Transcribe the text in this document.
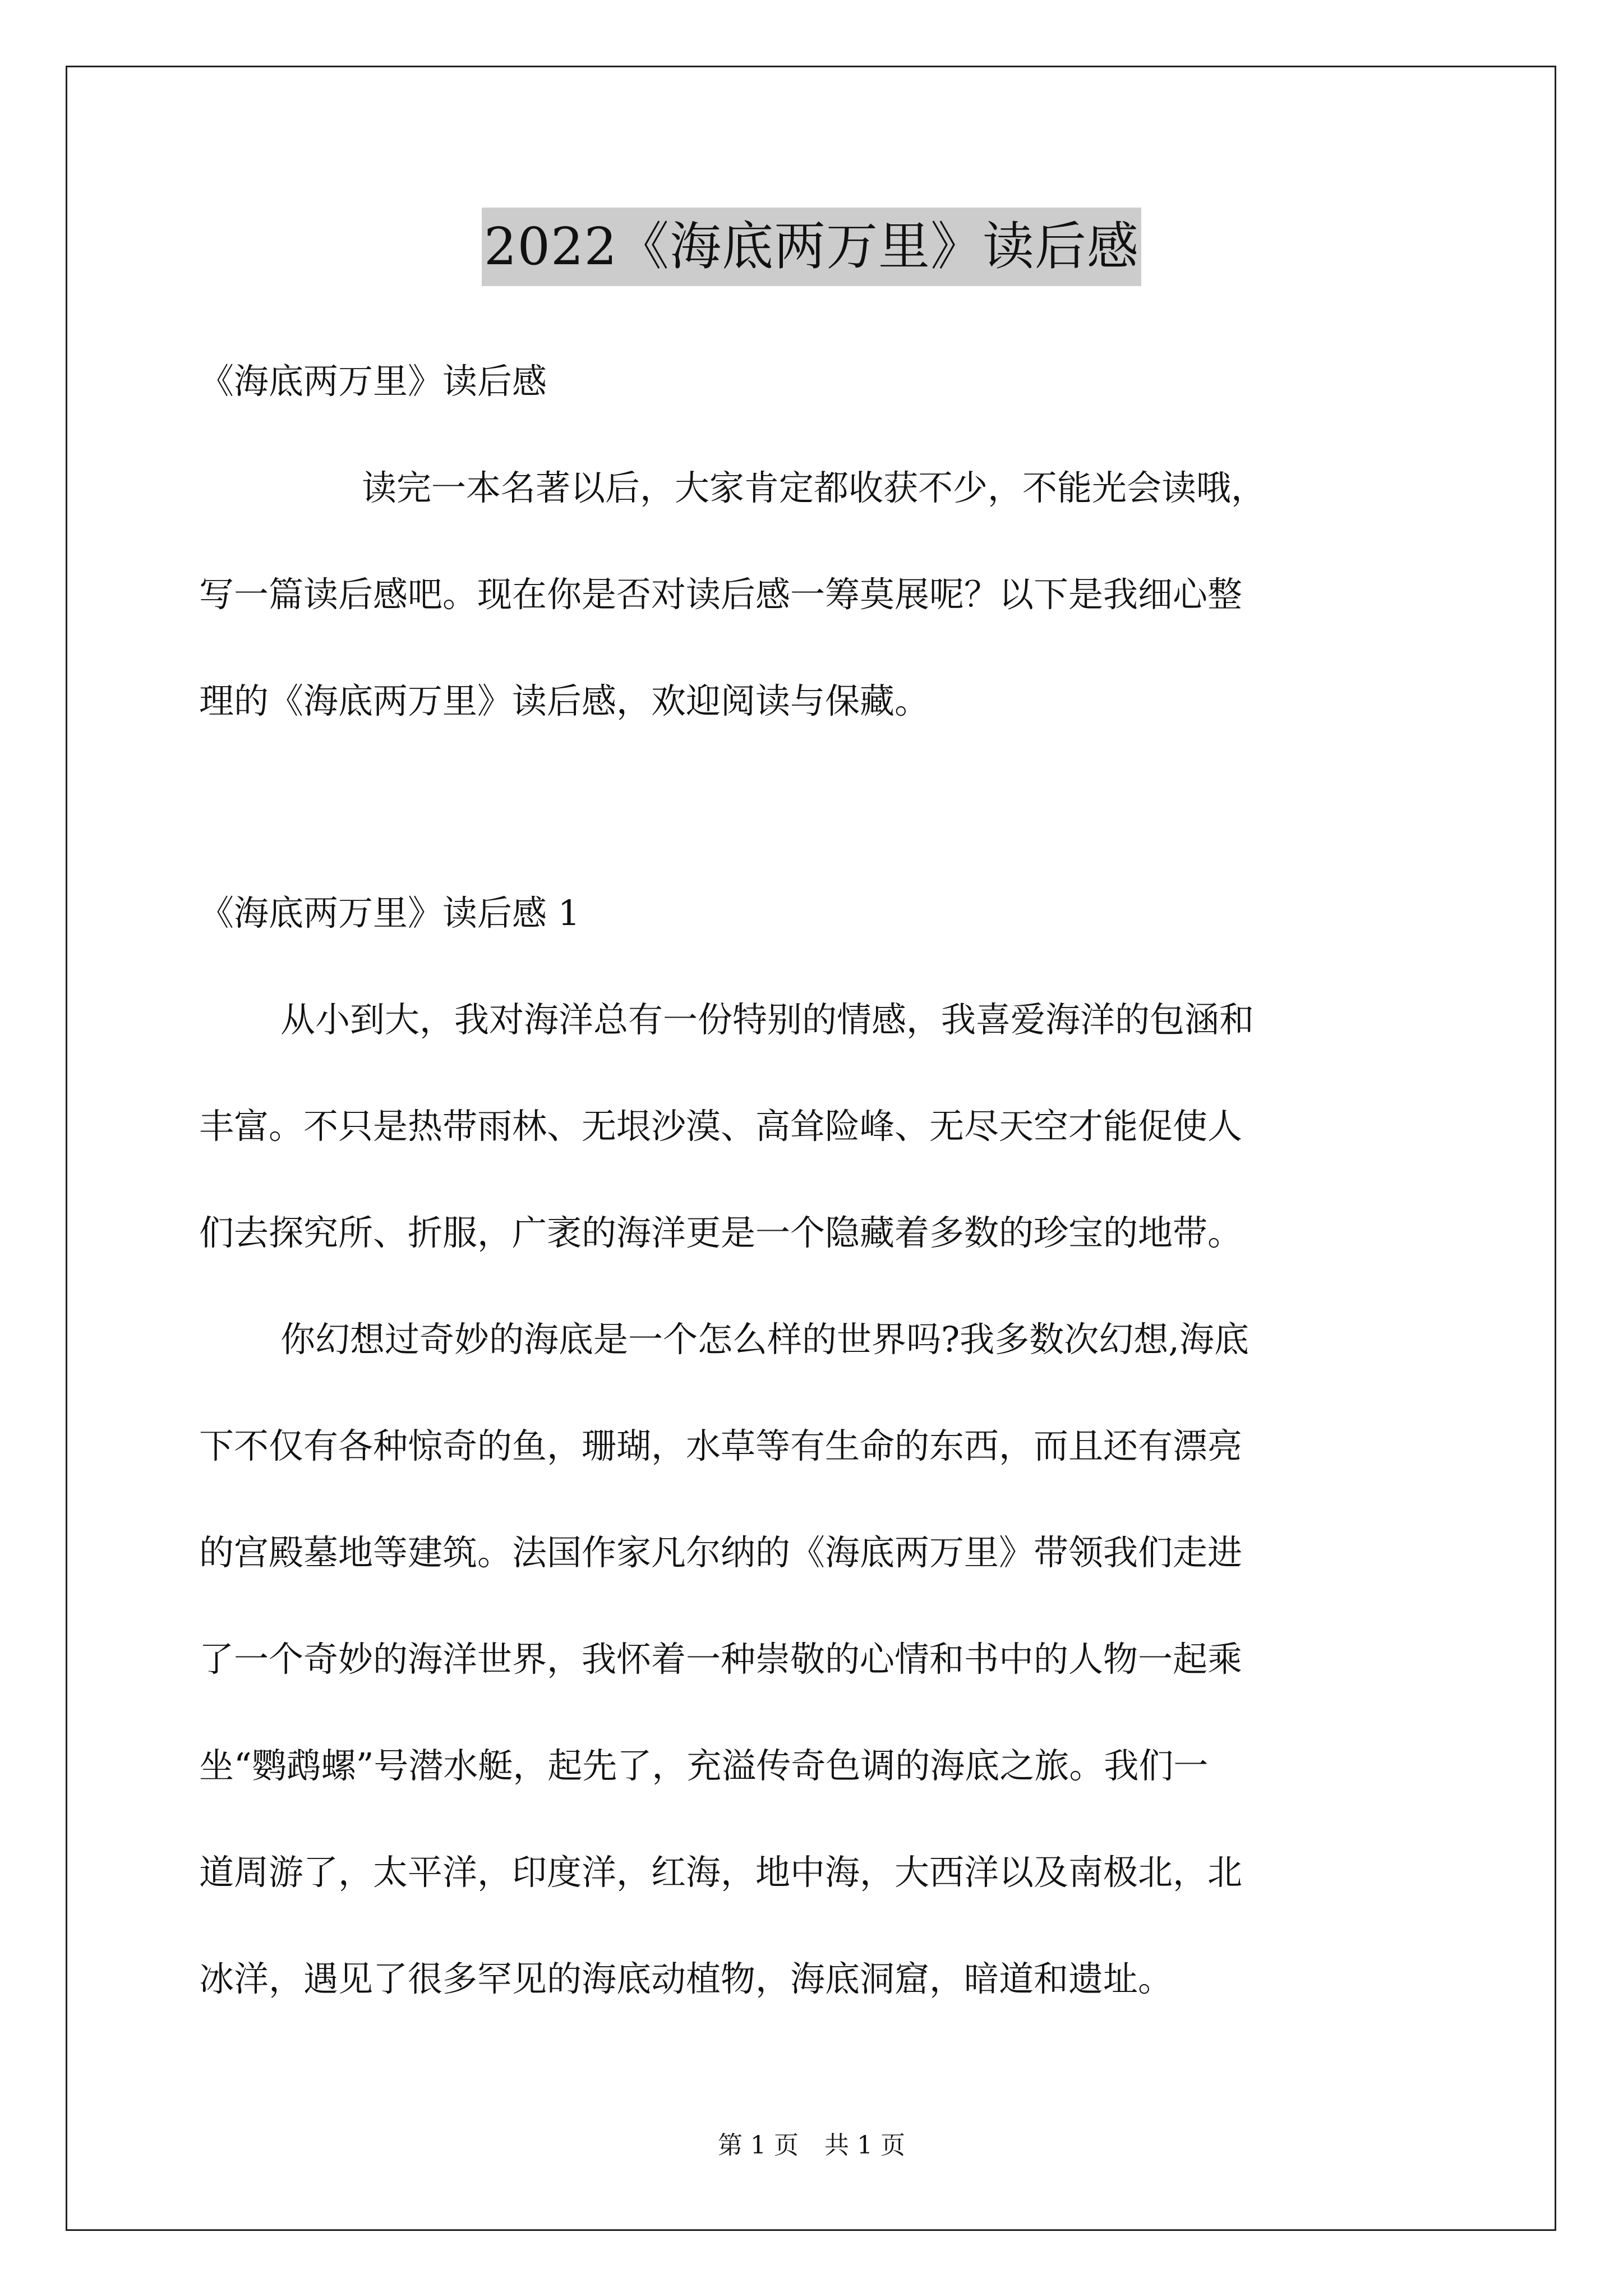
2022《海底两万里》读后感
《海底两万里》读后感
读完一本名著以后，大家肯定都收获不少，不能光会读哦，
写一篇读后感吧。现在你是否对读后感一筹莫展呢？以下是我细心整
理的《海底两万里》读后感，欢迎阅读与保藏。
《海底两万里》读后感 1
从小到大，我对海洋总有一份特别的情感，我喜爱海洋的包涵和
丰富。不只是热带雨林、无垠沙漠、高耸险峰、无尽天空才能促使人
们去探究所、折服，广袤的海洋更是一个隐藏着多数的珍宝的地带。
你幻想过奇妙的海底是一个怎么样的世界吗?我多数次幻想,海底
下不仅有各种惊奇的鱼，珊瑚，水草等有生命的东西，而且还有漂亮
的宫殿墓地等建筑。法国作家凡尔纳的《海底两万里》带领我们走进
了一个奇妙的海洋世界，我怀着一种崇敬的心情和书中的人物一起乘
坐“鹦鹉螺”号潜水艇，起先了，充溢传奇色调的海底之旅。我们一
道周游了，太平洋，印度洋，红海，地中海，大西洋以及南极北，北
冰洋，遇见了很多罕见的海底动植物，海底洞窟，暗道和遗址。
第 1 页 共 1 页
